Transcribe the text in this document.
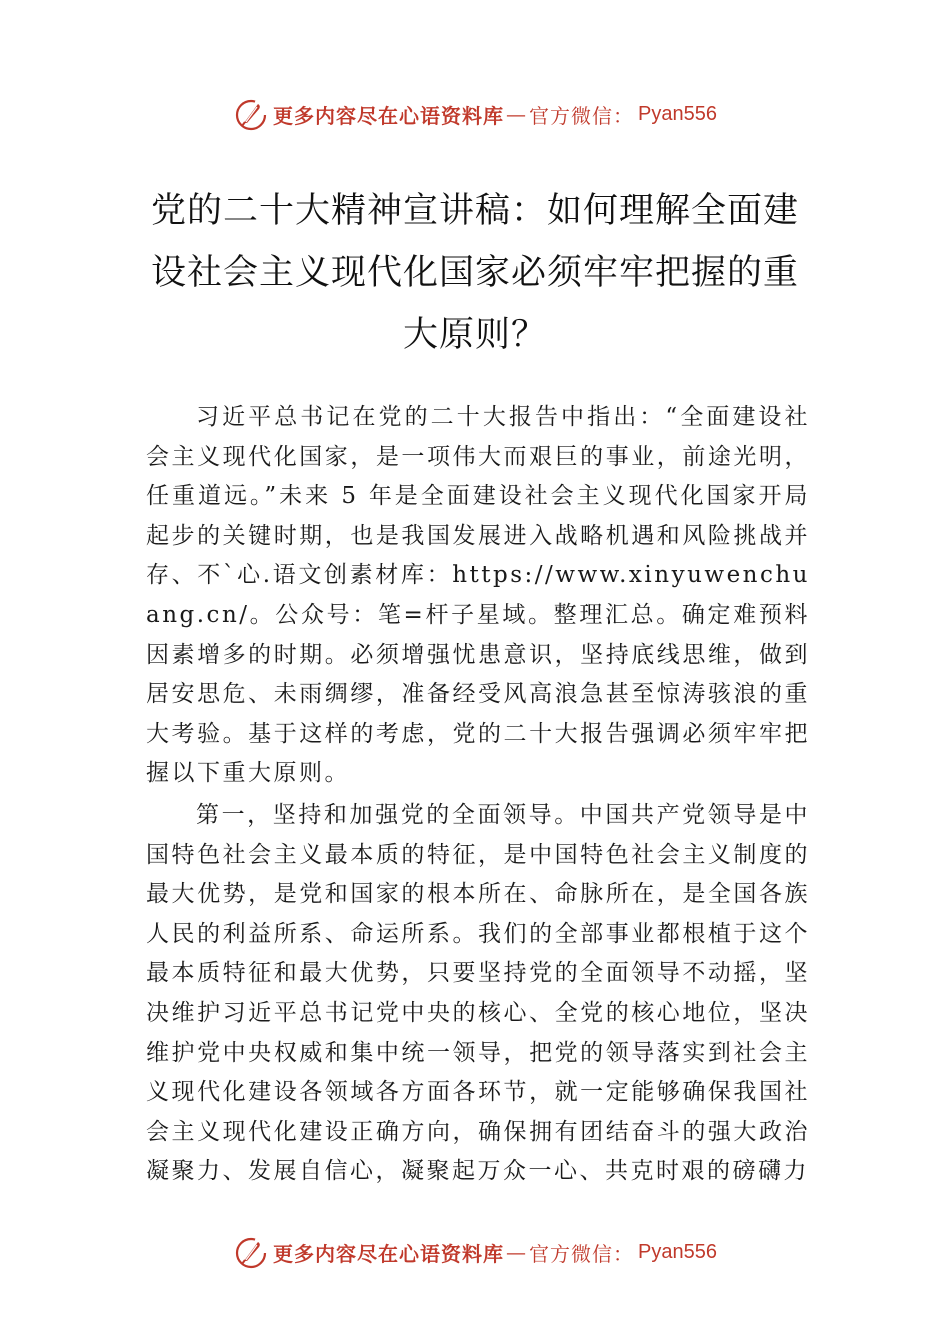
更多内容尽在心语资料库 — 官方微信： Pyan556
党的二十大精神宣讲稿：如何理解全面建设社会主义现代化国家必须牢牢把握的重大原则？

习近平总书记在党的二十大报告中指出：“全面建设社会主义现代化国家，是一项伟大而艰巨的事业，前途光明，任重道远。”未来 5 年是全面建设社会主义现代化国家开局起步的关键时期，也是我国发展进入战略机遇和风险挑战并存、不`心.语文创素材库：https://www.xinyuwenchuang.cn/。公众号：笔=杆子星域。整理汇总。确定难预料因素增多的时期。必须增强忧患意识，坚持底线思维，做到居安思危、未雨绸缪，准备经受风高浪急甚至惊涛骇浪的重大考验。基于这样的考虑，党的二十大报告强调必须牢牢把握以下重大原则。

第一，坚持和加强党的全面领导。中国共产党领导是中国特色社会主义最本质的特征，是中国特色社会主义制度的最大优势，是党和国家的根本所在、命脉所在，是全国各族人民的利益所系、命运所系。我们的全部事业都根植于这个最本质特征和最大优势，只要坚持党的全面领导不动摇，坚决维护习近平总书记党中央的核心、全党的核心地位，坚决维护党中央权威和集中统一领导，把党的领导落实到社会主义现代化建设各领域各方面各环节，就一定能够确保我国社会主义现代化建设正确方向，确保拥有团结奋斗的强大政治凝聚力、发展自信心，凝聚起万众一心、共克时艰的磅礴力

更多内容尽在心语资料库 — 官方微信： Pyan556
